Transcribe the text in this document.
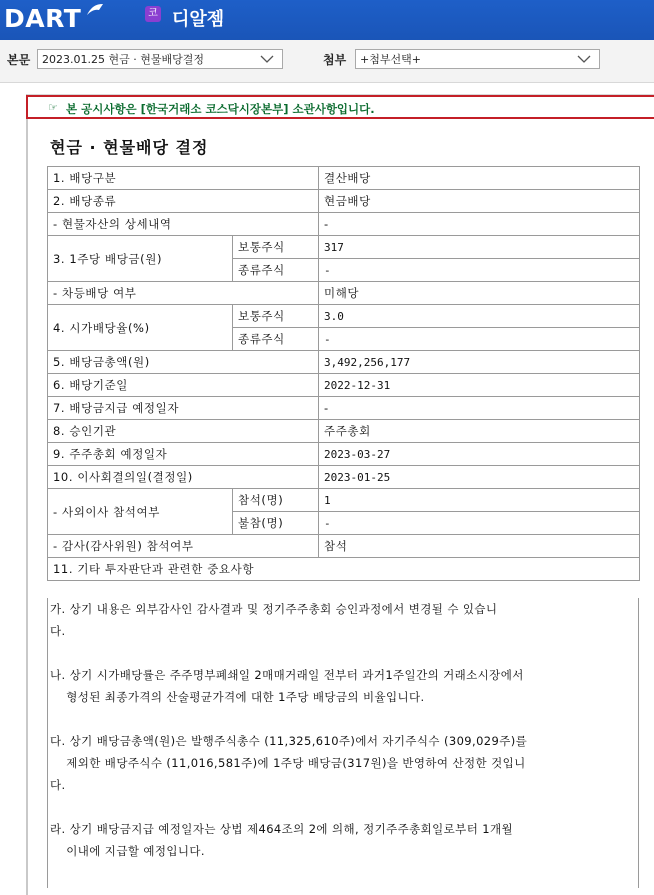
DART	코 디알젬
본문	2023.01.25 현금 · 현물배당결정	첨부	+첨부선택+
☞ 본 공시사항은 [한국거래소 코스닥시장본부] 소관사항입니다.
현금 · 현물배당 결정
1. 배당구분		결산배당
2. 배당종류		현금배당
- 현물자산의 상세내역		-
3. 1주당 배당금(원)	보통주식	317
	종류주식	-
- 차등배당 여부		미해당
4. 시가배당율(%)	보통주식	3.0
	종류주식	-
5. 배당금총액(원)		3,492,256,177
6. 배당기준일		2022-12-31
7. 배당금지급 예정일자		-
8. 승인기관		주주총회
9. 주주총회 예정일자		2023-03-27
10. 이사회결의일(결정일)		2023-01-25
- 사외이사 참석여부	참석(명)	1
	불참(명)	-
- 감사(감사위원) 참석여부		참석
11. 기타 투자판단과 관련한 중요사항		
가. 상기 내용은 외부감사인 감사결과 및 정기주주총회 승인과정에서 변경될 수 있습니
다.
나. 상기 시가배당률은 주주명부폐쇄일 2매매거래일 전부터 과거1주일간의 거래소시장에서
형성된 최종가격의 산술평균가격에 대한 1주당 배당금의 비율입니다.
다. 상기 배당금총액(원)은 발행주식총수 (11,325,610주)에서 자기주식수 (309,029주)를
제외한 배당주식수 (11,016,581주)에 1주당 배당금(317원)을 반영하여 산정한 것입니
다.
라. 상기 배당금지급 예정일자는 상법 제464조의 2에 의해, 정기주주총회일로부터 1개월
이내에 지급할 예정입니다.
